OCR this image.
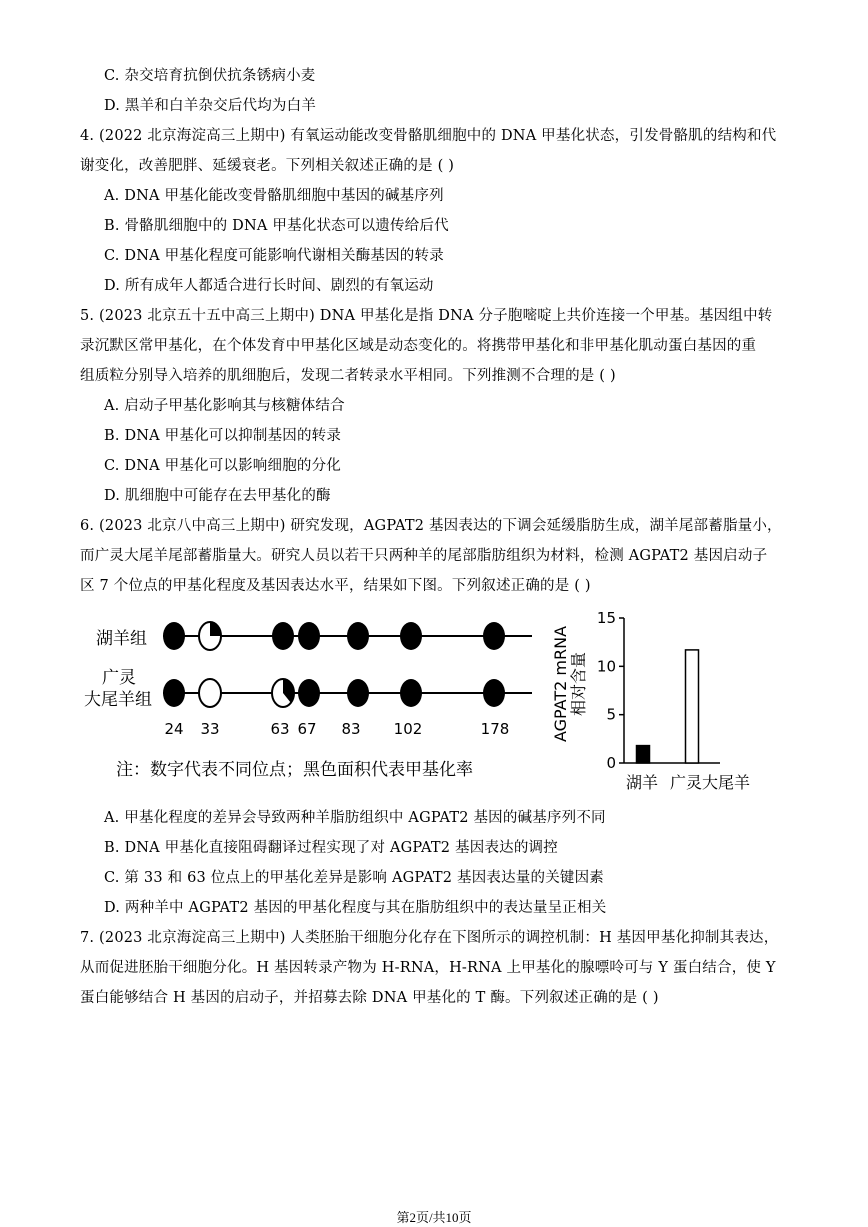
C. 杂交培育抗倒伏抗条锈病小麦
D. 黑羊和白羊杂交后代均为白羊
4. (2022 北京海淀高三上期中) 有氧运动能改变骨骼肌细胞中的 DNA 甲基化状态，引发骨骼肌的结构和代
谢变化，改善肥胖、延缓衰老。下列相关叙述正确的是 ( )
A. DNA 甲基化能改变骨骼肌细胞中基因的碱基序列
B. 骨骼肌细胞中的 DNA 甲基化状态可以遗传给后代
C. DNA 甲基化程度可能影响代谢相关酶基因的转录
D. 所有成年人都适合进行长时间、剧烈的有氧运动
5. (2023 北京五十五中高三上期中) DNA 甲基化是指 DNA 分子胞嘧啶上共价连接一个甲基。基因组中转
录沉默区常甲基化，在个体发育中甲基化区域是动态变化的。将携带甲基化和非甲基化肌动蛋白基因的重
组质粒分别导入培养的肌细胞后，发现二者转录水平相同。下列推测不合理的是 ( )
A. 启动子甲基化影响其与核糖体结合
B. DNA 甲基化可以抑制基因的转录
C. DNA 甲基化可以影响细胞的分化
D. 肌细胞中可能存在去甲基化的酶
6. (2023 北京八中高三上期中) 研究发现，AGPAT2 基因表达的下调会延缓脂肪生成，湖羊尾部蓄脂量小，
而广灵大尾羊尾部蓄脂量大。研究人员以若干只两种羊的尾部脂肪组织为材料，检测 AGPAT2 基因启动子
区 7 个位点的甲基化程度及基因表达水平，结果如下图。下列叙述正确的是 ( )
湖羊组
广灵
大尾羊组
24 33	63 67 83 102	178
注：数字代表不同位点；黑色面积代表甲基化率
AGPAT2 mRNA 相对含量
0
5
10
15
湖羊 广灵大尾羊
A. 甲基化程度的差异会导致两种羊脂肪组织中 AGPAT2 基因的碱基序列不同
B. DNA 甲基化直接阻碍翻译过程实现了对 AGPAT2 基因表达的调控
C. 第 33 和 63 位点上的甲基化差异是影响 AGPAT2 基因表达量的关键因素
D. 两种羊中 AGPAT2 基因的甲基化程度与其在脂肪组织中的表达量呈正相关
7. (2023 北京海淀高三上期中) 人类胚胎干细胞分化存在下图所示的调控机制：H 基因甲基化抑制其表达，
从而促进胚胎干细胞分化。H 基因转录产物为 H-RNA，H-RNA 上甲基化的腺嘌呤可与 Y 蛋白结合，使 Y
蛋白能够结合 H 基因的启动子，并招募去除 DNA 甲基化的 T 酶。下列叙述正确的是 ( )
第2页/共10页
